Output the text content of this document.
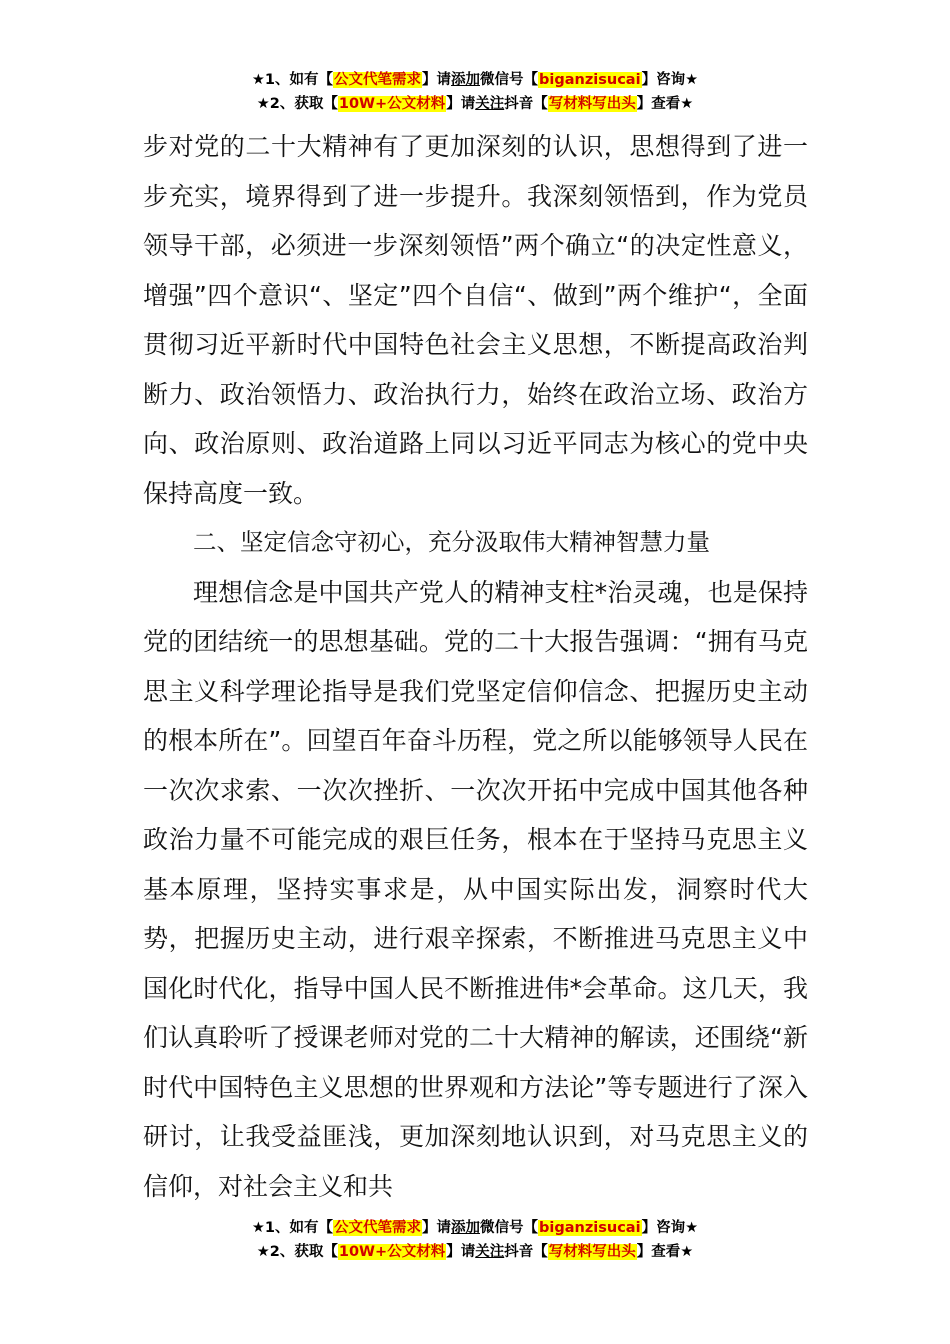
★1、如有【公文代笔需求】请添加微信号【biganzisucai】咨询★
★2、获取【10W+公文材料】请关注抖音【写材料写出头】查看★

步对党的二十大精神有了更加深刻的认识，思想得到了进一步充实，境界得到了进一步提升。我深刻领悟到，作为党员领导干部，必须进一步深刻领悟”两个确立“的决定性意义，增强”四个意识“、坚定”四个自信“、做到”两个维护“，全面贯彻习近平新时代中国特色社会主义思想，不断提高政治判断力、政治领悟力、政治执行力，始终在政治立场、政治方向、政治原则、政治道路上同以习近平同志为核心的党中央保持高度一致。

二、坚定信念守初心，充分汲取伟大精神智慧力量

理想信念是中国共产党人的精神支柱*治灵魂，也是保持党的团结统一的思想基础。党的二十大报告强调：“拥有马克思主义科学理论指导是我们党坚定信仰信念、把握历史主动的根本所在”。回望百年奋斗历程，党之所以能够领导人民在一次次求索、一次次挫折、一次次开拓中完成中国其他各种政治力量不可能完成的艰巨任务，根本在于坚持马克思主义基本原理，坚持实事求是，从中国实际出发，洞察时代大势，把握历史主动，进行艰辛探索，不断推进马克思主义中国化时代化，指导中国人民不断推进伟*会革命。这几天，我们认真聆听了授课老师对党的二十大精神的解读，还围绕“新时代中国特色主义思想的世界观和方法论”等专题进行了深入研讨，让我受益匪浅，更加深刻地认识到，对马克思主义的信仰，对社会主义和共

★1、如有【公文代笔需求】请添加微信号【biganzisucai】咨询★
★2、获取【10W+公文材料】请关注抖音【写材料写出头】查看★
